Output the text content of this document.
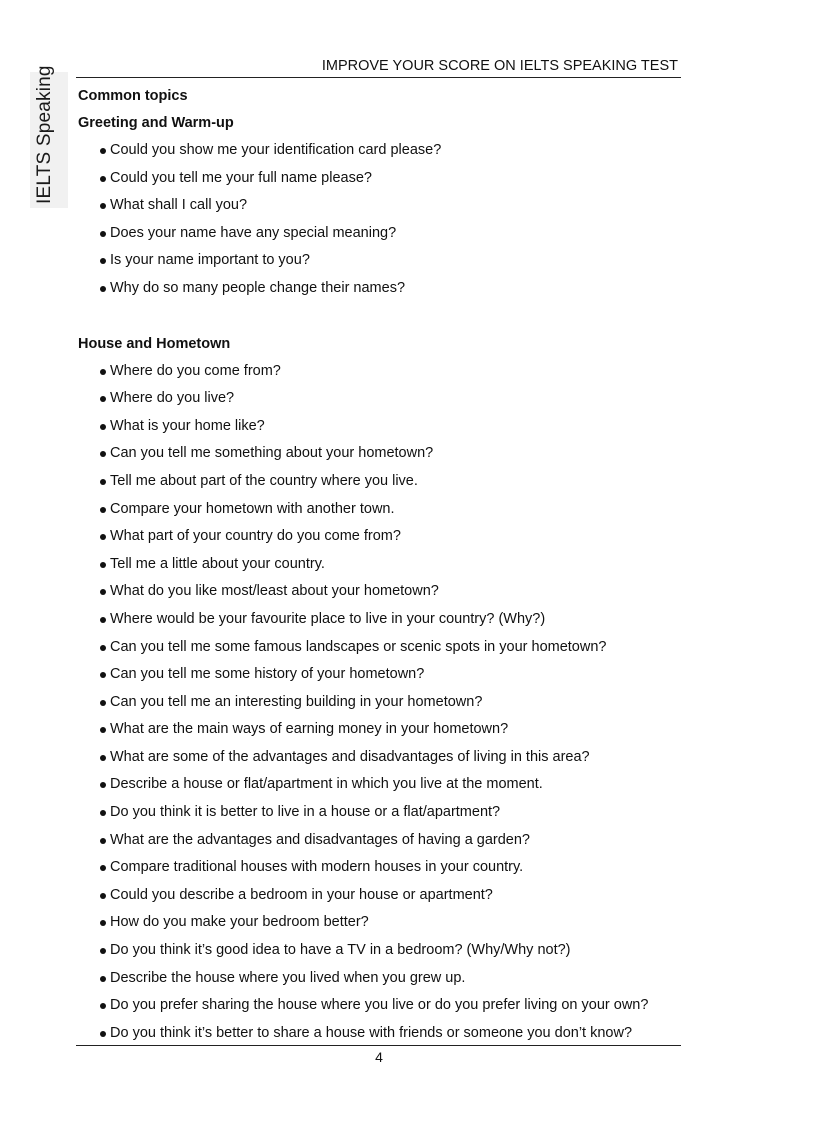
IELTS Speaking	IMPROVE YOUR SCORE ON IELTS SPEAKING TEST
Common topics
Greeting and Warm-up
Could you show me your identification card please?
Could you tell me your full name please?
What shall I call you?
Does your name have any special meaning?
Is your name important to you?
Why do so many people change their names?
House and Hometown
Where do you come from?
Where do you live?
What is your home like?
Can you tell me something about your hometown?
Tell me about part of the country where you live.
Compare your hometown with another town.
What part of your country do you come from?
Tell me a little about your country.
What do you like most/least about your hometown?
Where would be your favourite place to live in your country? (Why?)
Can you tell me some famous landscapes or scenic spots in your hometown?
Can you tell me some history of your hometown?
Can you tell me an interesting building in your hometown?
What are the main ways of earning money in your hometown?
What are some of the advantages and disadvantages of living in this area?
Describe a house or flat/apartment in which you live at the moment.
Do you think it is better to live in a house or a flat/apartment?
What are the advantages and disadvantages of having a garden?
Compare traditional houses with modern houses in your country.
Could you describe a bedroom in your house or apartment?
How do you make your bedroom better?
Do you think it’s good idea to have a TV in a bedroom? (Why/Why not?)
Describe the house where you lived when you grew up.
Do you prefer sharing the house where you live or do you prefer living on your own?
Do you think it’s better to share a house with friends or someone you don’t know?
4
